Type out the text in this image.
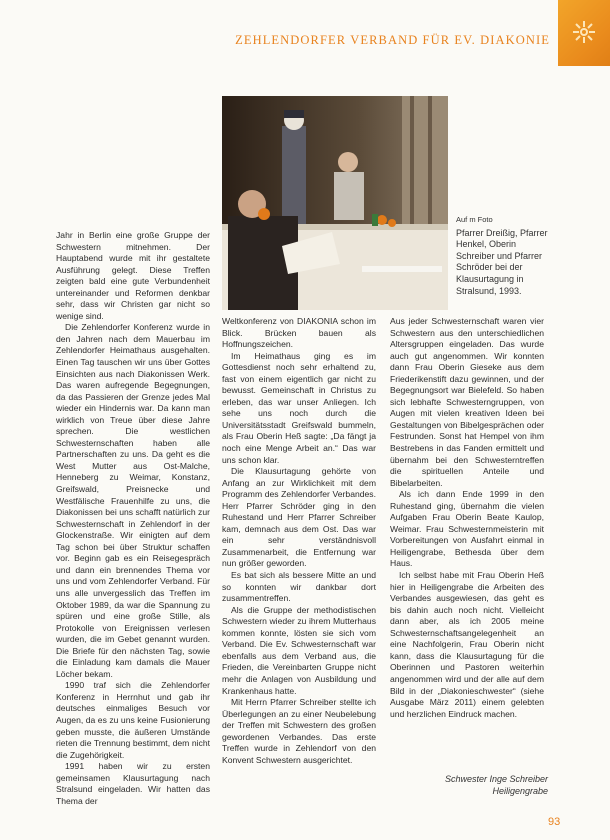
ZEHLENDORFER VERBAND FÜR EV. DIAKONIE
Auf m Foto
Pfarrer Dreißig, Pfarrer Henkel, Oberin Schreiber und Pfarrer Schröder bei der Klausurtagung in Stralsund, 1993.

Jahr in Berlin eine große Gruppe der Schwestern mitnehmen. Der Hauptabend wurde mit ihr gestaltete Ausführung gelegt. Diese Treffen zeigten bald eine gute Verbundenheit untereinander und Reformen denkbar sehr, dass wir Christen gar nicht so wenige sind.

Die Zehlendorfer Konferenz wurde in den Jahren nach dem Mauerbau im Zehlendorfer Heimathaus ausgehalten. Einen Tag tauschen wir uns über Gottes Einsichten aus nach Diakonissen Werk. Das waren aufregende Begegnungen, da das Passieren der Grenze jedes Mal wieder ein Hindernis war. Da kann man wirklich von Treue über diese Jahre sprechen. Die westlichen Schwesternschaften haben alle Partnerschaften zu uns. Da geht es die West Mutter aus Ost-Malche, Henneberg zu Weimar, Konstanz, Greifswald, Preisnecke und Westfälische Frauenhilfe zu uns, die Diakonissen bei uns schafft natürlich zur Schwesternschaft in Zehlendorf in der Glockenstraße. Wir einigten auf dem Tag schon bei über Struktur schaffen vor. Beginn gab es ein Reisegespräch und dann ein brennendes Thema vor uns und vom Zehlendorfer Verband. Für uns alle unvergesslich das Treffen im Oktober 1989, da war die Spannung zu spüren und eine große Stille, als Protokolle von Ereignissen verlesen wurden, die im Gebet genannt wurden. Die Briefe für den nächsten Tag, sowie die Einladung kam damals die Mauer Löcher bekam.

1990 traf sich die Zehlendorfer Konferenz in Herrnhut und gab ihr deutsches einmaliges Besuch vor Augen, da es zu uns keine Fusionierung geben musste, die äußeren Umstände rieten die Trennung bestimmt, dem nicht die Zugehörigkeit.

1991 haben wir zu ersten gemeinsamen Klausurtagung nach Stralsund eingeladen. Wir hatten das Thema der

Weltkonferenz von DIAKONIA schon im Blick. Brücken bauen als Hoffnungszeichen.

Im Heimathaus ging es im Gottesdienst noch sehr erhaltend zu, fast von einem eigentlich gar nicht zu bewusst. Gemeinschaft in Christus zu erleben, das war unser Anliegen. Ich sehe uns noch durch die Universitätsstadt Greifswald bummeln, als Frau Oberin Heß sagte: „Da fängt ja noch eine Menge Arbeit an.“ Das war uns schon klar.

Die Klausurtagung gehörte von Anfang an zur Wirklichkeit mit dem Programm des Zehlendorfer Verbandes. Herr Pfarrer Schröder ging in den Ruhestand und Herr Pfarrer Schreiber kam, demnach aus dem Ost. Das war ein sehr verständnisvoll Zusammenarbeit, die Entfernung war nun größer geworden.

Es bat sich als bessere Mitte an und so konnten wir dankbar dort zusammentreffen.

Als die Gruppe der methodistischen Schwestern wieder zu ihrem Mutterhaus kommen konnte, lösten sie sich vom Verband. Die Ev. Schwesternschaft war ebenfalls aus dem Verband aus, die Frieden, die Vereinbarten Gruppe nicht mehr die Anlagen von Ausbildung und Krankenhaus hatte.

Mit Herrn Pfarrer Schreiber stellte ich Überlegungen an zu einer Neubelebung der Treffen mit Schwestern des großen gewordenen Verbandes. Das erste Treffen wurde in Zehlendorf von den Konvent Schwestern ausgerichtet.

Aus jeder Schwesternschaft waren vier Schwestern aus den unterschiedlichen Altersgruppen eingeladen. Das wurde auch gut angenommen. Wir konnten dann Frau Oberin Gieseke aus dem Friederikenstift dazu gewinnen, und der Begegnungsort war Bielefeld. So haben sich lebhafte Schwesterngruppen, von Augen mit vielen kreativen Ideen bei Gestaltungen von Bibelgesprächen oder Festrunden. Sonst hat Hempel von ihm Bestrebens in das Fanden ermittelt und übernahm bei den Schwesterntreffen die spirituellen Anteile und Bibelarbeiten.

Als ich dann Ende 1999 in den Ruhestand ging, übernahm die vielen Aufgaben Frau Oberin Beate Kaulop, Weimar. Frau Schwesternmeisterin mit Vorbereitungen von Ausfahrt einmal in Heiligengrabe, Bethesda über dem Haus.

Ich selbst habe mit Frau Oberin Heß hier in Heiligengrabe die Arbeiten des Verbandes ausgewiesen, das geht es bis dahin auch noch nicht. Vielleicht dann aber, als ich 2005 meine Schwesternschaftsangelegenheit an eine Nachfolgerin, Frau Oberin nicht kann, dass die Klausurtagung für die Oberinnen und Pastoren weiterhin angenommen wird und der alle auf dem Bild in der „Diakonieschwester“ (siehe Ausgabe März 2011) einem gelebten und herzlichen Eindruck machen.

Schwester Inge Schreiber
Heiligengrabe
93
